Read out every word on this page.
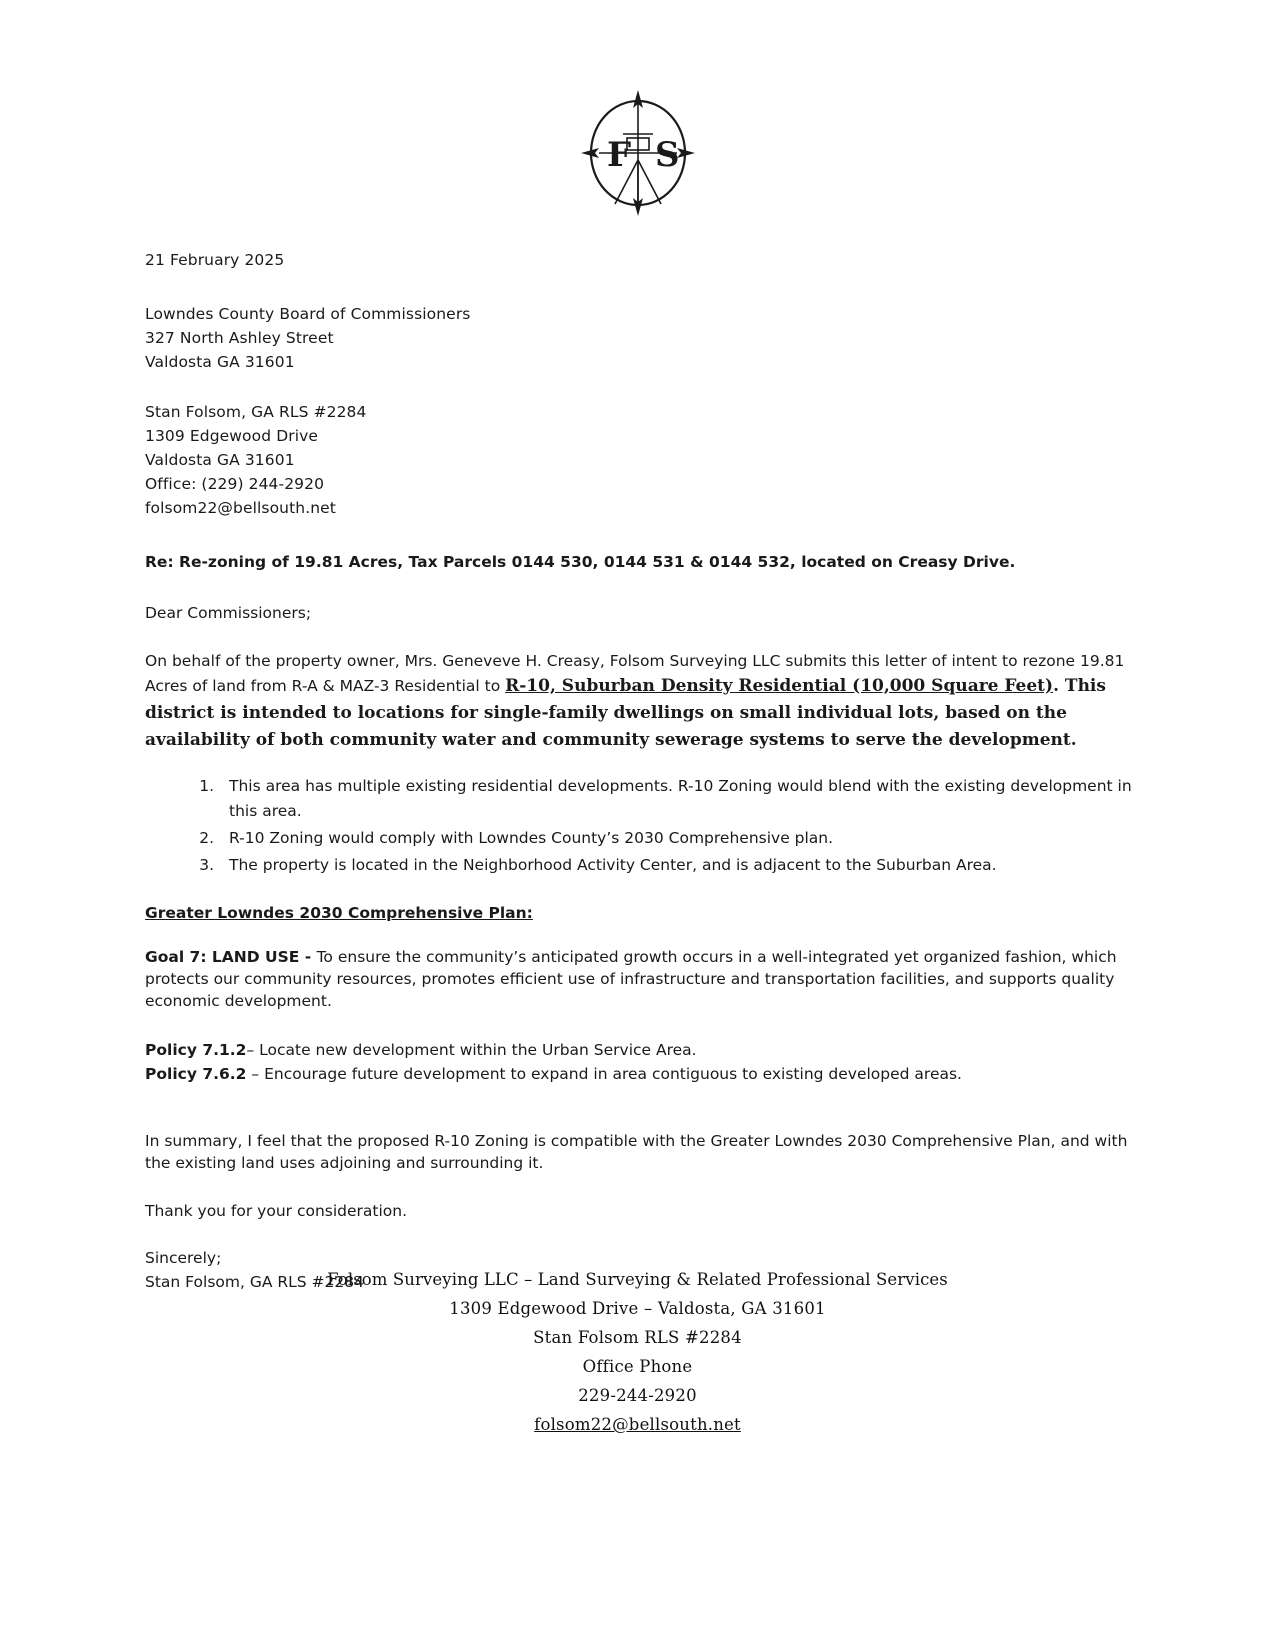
F S
21 February 2025
Lowndes County Board of Commissioners
327 North Ashley Street
Valdosta GA 31601
Stan Folsom, GA RLS #2284
1309 Edgewood Drive
Valdosta GA 31601
Office: (229) 244-2920
folsom22@bellsouth.net
Re: Re-zoning of 19.81 Acres, Tax Parcels 0144 530, 0144 531 & 0144 532, located on Creasy Drive.
Dear Commissioners;
On behalf of the property owner, Mrs. Geneveve H. Creasy, Folsom Surveying LLC submits this letter of intent to rezone 19.81 Acres of land from R-A & MAZ-3 Residential to R-10, Suburban Density Residential (10,000 Square Feet). This district is intended to locations for single-family dwellings on small individual lots, based on the availability of both community water and community sewerage systems to serve the development.
1. This area has multiple existing residential developments. R-10 Zoning would blend with the existing development in this area.
2. R-10 Zoning would comply with Lowndes County’s 2030 Comprehensive plan.
3. The property is located in the Neighborhood Activity Center, and is adjacent to the Suburban Area.
Greater Lowndes 2030 Comprehensive Plan:
Goal 7: LAND USE - To ensure the community’s anticipated growth occurs in a well-integrated yet organized fashion, which protects our community resources, promotes efficient use of infrastructure and transportation facilities, and supports quality economic development.
Policy 7.1.2– Locate new development within the Urban Service Area.
Policy 7.6.2 – Encourage future development to expand in area contiguous to existing developed areas.
In summary, I feel that the proposed R-10 Zoning is compatible with the Greater Lowndes 2030 Comprehensive Plan, and with the existing land uses adjoining and surrounding it.
Thank you for your consideration.
Sincerely;
Stan Folsom, GA RLS #2284
Folsom Surveying LLC – Land Surveying & Related Professional Services
1309 Edgewood Drive – Valdosta, GA 31601
Stan Folsom RLS #2284
Office Phone
229-244-2920
folsom22@bellsouth.net
